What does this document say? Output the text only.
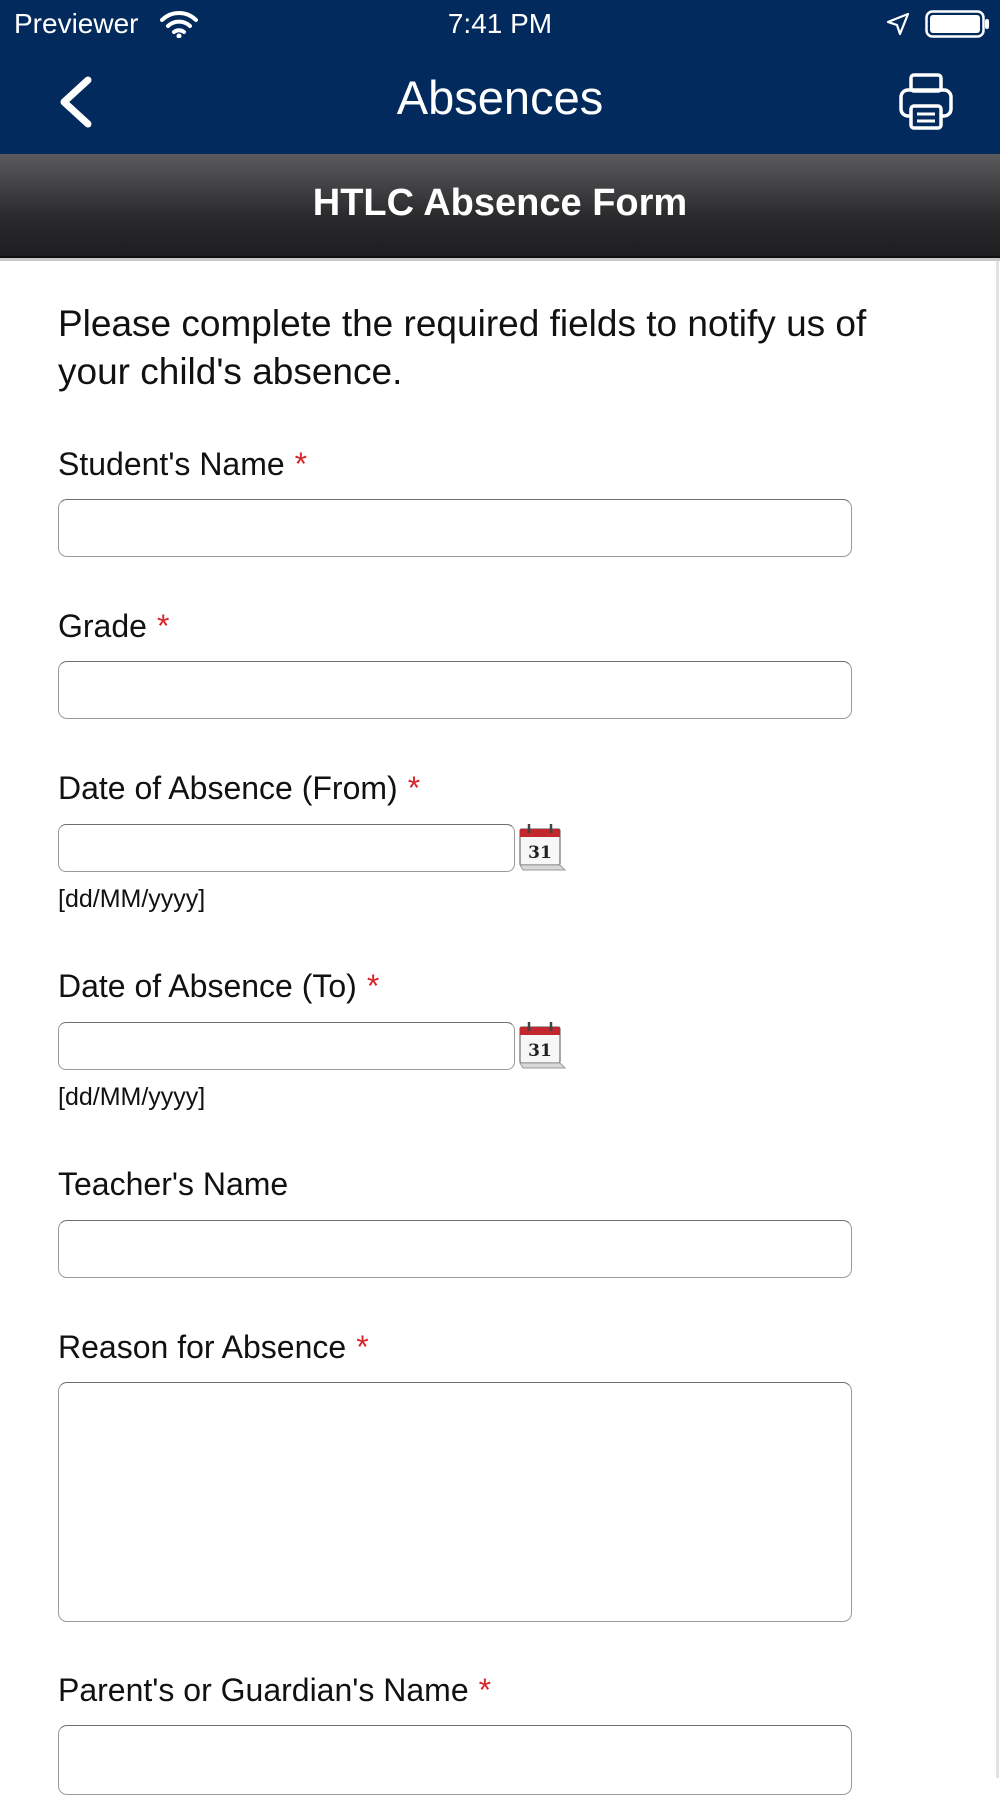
Previewer	7:41 PM
Absences
HTLC Absence Form
Please complete the required fields to notify us of your child's absence.
Student's Name *
Grade *
Date of Absence (From) *
31
[dd/MM/yyyy]
Date of Absence (To) *
31
[dd/MM/yyyy]
Teacher's Name
Reason for Absence *
Parent's or Guardian's Name *
